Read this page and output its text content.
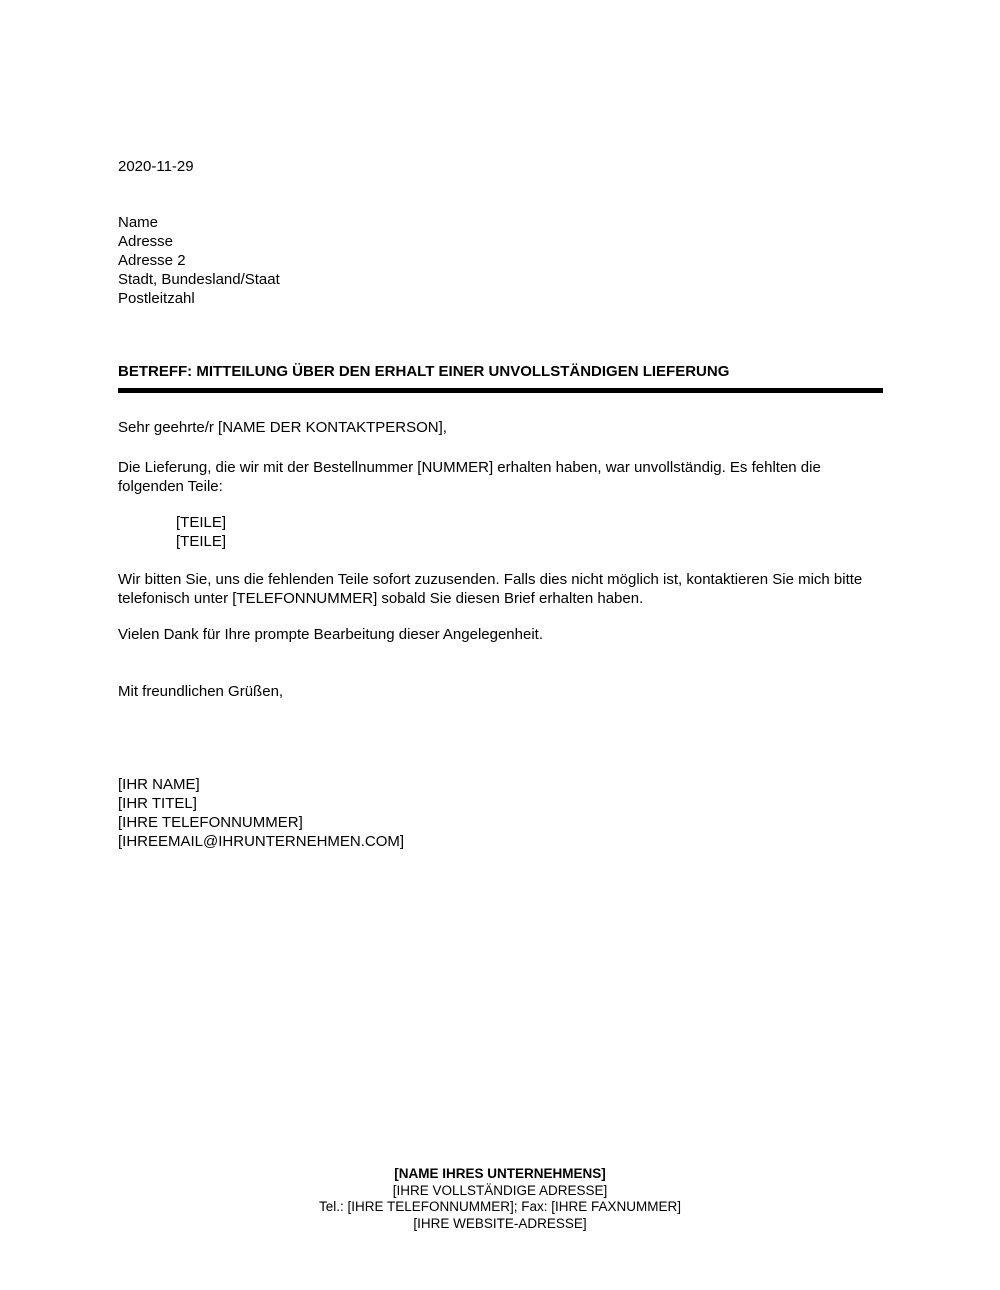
2020-11-29
Name
Adresse
Adresse 2
Stadt, Bundesland/Staat
Postleitzahl
BETREFF: MITTEILUNG ÜBER DEN ERHALT EINER UNVOLLSTÄNDIGEN LIEFERUNG
Sehr geehrte/r [NAME DER KONTAKTPERSON],
Die Lieferung, die wir mit der Bestellnummer [NUMMER] erhalten haben, war unvollständig. Es fehlten die folgenden Teile:
[TEILE]
[TEILE]
Wir bitten Sie, uns die fehlenden Teile sofort zuzusenden. Falls dies nicht möglich ist, kontaktieren Sie mich bitte telefonisch unter [TELEFONNUMMER] sobald Sie diesen Brief erhalten haben.
Vielen Dank für Ihre prompte Bearbeitung dieser Angelegenheit.
Mit freundlichen Grüßen,
[IHR NAME]
[IHR TITEL]
[IHRE TELEFONNUMMER]
[IHREEMAIL@IHRUNTERNEHMEN.COM]
[NAME IHRES UNTERNEHMENS]
[IHRE VOLLSTÄNDIGE ADRESSE]
Tel.: [IHRE TELEFONNUMMER]; Fax: [IHRE FAXNUMMER]
[IHRE WEBSITE-ADRESSE]
